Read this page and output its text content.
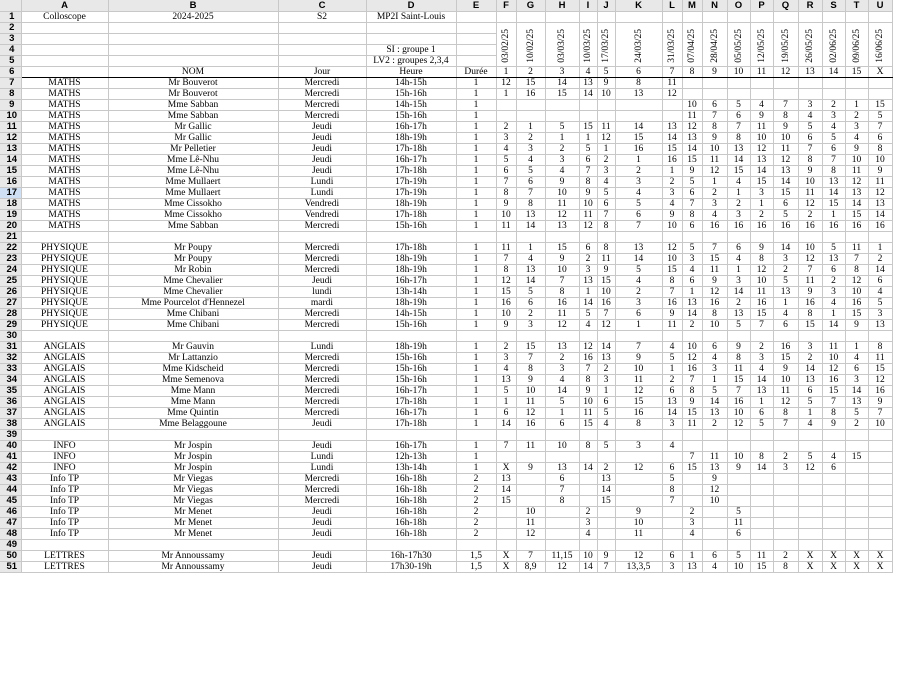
	A	B	C	D	E	F	G	H	I	J	K	L	M	N	O	P	Q	R	S	T	U
1	Colloscope	2024-2025	S2	MP2I Saint-Louis																	
2						03/02/25	10/02/25	03/03/25	10/03/25	17/03/25	24/03/25	31/03/25	07/04/25	28/04/25	05/05/25	12/05/25	19/05/25	26/05/25	02/06/25	09/06/25	16/06/25
3																					
4				SI : groupe 1																	
5				LV2 : groupes 2,3,4																	
6		NOM	Jour	Heure	Durée	1	2	3	4	5	6	7	8	9	10	11	12	13	14	15	X
7	MATHS	Mr Bouverot	Mercredi	14h-15h	1	12	15	14	13	9	8	11									
8	MATHS	Mr Bouverot	Mercredi	15h-16h	1	1	16	15	14	10	13	12									
9	MATHS	Mme Sabban	Mercredi	14h-15h	1								10	6	5	4	7	3	2	1	15
10	MATHS	Mme Sabban	Mercredi	15h-16h	1								11	7	6	9	8	4	3	2	5
11	MATHS	Mr Gallic	Jeudi	16h-17h	1	2	1	5	15	11	14	13	12	8	7	11	9	5	4	3	7
12	MATHS	Mr Gallic	Jeudi	18h-19h	1	3	2	1	1	12	15	14	13	9	8	10	10	6	5	4	6
13	MATHS	Mr Pelletier	Jeudi	17h-18h	1	4	3	2	5	1	16	15	14	10	13	12	11	7	6	9	8
14	MATHS	Mme Lê-Nhu	Jeudi	16h-17h	1	5	4	3	6	2	1	16	15	11	14	13	12	8	7	10	10
15	MATHS	Mme Lê-Nhu	Jeudi	17h-18h	1	6	5	4	7	3	2	1	9	12	15	14	13	9	8	11	9
16	MATHS	Mme Mullaert	Lundi	17h-19h	1	7	6	9	8	4	3	2	5	1	4	15	14	10	13	12	11
17	MATHS	Mme Mullaert	Lundi	17h-19h	1	8	7	10	9	5	4	3	6	2	1	3	15	11	14	13	12
18	MATHS	Mme Cissokho	Vendredi	18h-19h	1	9	8	11	10	6	5	4	7	3	2	1	6	12	15	14	13
19	MATHS	Mme Cissokho	Vendredi	17h-18h	1	10	13	12	11	7	6	9	8	4	3	2	5	2	1	15	14
20	MATHS	Mme Sabban	Mercredi	15h-16h	1	11	14	13	12	8	7	10	6	16	16	16	16	16	16	16	16
21																					
22	PHYSIQUE	Mr Poupy	Mercredi	17h-18h	1	11	1	15	6	8	13	12	5	7	6	9	14	10	5	11	1
23	PHYSIQUE	Mr Poupy	Mercredi	18h-19h	1	7	4	9	2	11	14	10	3	15	4	8	3	12	13	7	2
24	PHYSIQUE	Mr Robin	Mercredi	18h-19h	1	8	13	10	3	9	5	15	4	11	1	12	2	7	6	8	14
25	PHYSIQUE	Mme Chevalier	Jeudi	16h-17h	1	12	14	7	13	15	4	8	6	9	3	10	5	11	2	12	6
26	PHYSIQUE	Mme Chevalier	lundi	13h-14h	1	15	5	8	1	10	2	7	1	12	14	11	13	9	3	10	4
27	PHYSIQUE	Mme Pourcelot d'Hennezel	mardi	18h-19h	1	16	6	16	14	16	3	16	13	16	2	16	1	16	4	16	5
28	PHYSIQUE	Mme Chibani	Mercredi	14h-15h	1	10	2	11	5	7	6	9	14	8	13	15	4	8	1	15	3
29	PHYSIQUE	Mme Chibani	Mercredi	15h-16h	1	9	3	12	4	12	1	11	2	10	5	7	6	15	14	9	13
30																					
31	ANGLAIS	Mr Gauvin	Lundi	18h-19h	1	2	15	13	12	14	7	4	10	6	9	2	16	3	11	1	8
32	ANGLAIS	Mr Lattanzio	Mercredi	15h-16h	1	3	7	2	16	13	9	5	12	4	8	3	15	2	10	4	11
33	ANGLAIS	Mme Kidscheid	Mercredi	15h-16h	1	4	8	3	7	2	10	1	16	3	11	4	9	14	12	6	15
34	ANGLAIS	Mme Semenova	Mercredi	15h-16h	1	13	9	4	8	3	11	2	7	1	15	14	10	13	16	3	12
35	ANGLAIS	Mme Mann	Mercredi	16h-17h	1	5	10	14	9	1	12	6	8	5	7	13	11	6	15	14	16
36	ANGLAIS	Mme Mann	Mercredi	17h-18h	1	1	11	5	10	6	15	13	9	14	16	1	12	5	7	13	9
37	ANGLAIS	Mme Quintin	Mercredi	16h-17h	1	6	12	1	11	5	16	14	15	13	10	6	8	1	8	5	7
38	ANGLAIS	Mme Belaggoune	Jeudi	17h-18h	1	14	16	6	15	4	8	3	11	2	12	5	7	4	9	2	10
39																					
40	INFO	Mr Jospin	Jeudi	16h-17h	1	7	11	10	8	5	3	4									
41	INFO	Mr Jospin	Lundi	12h-13h	1								7	11	10	8	2	5	4	15	
42	INFO	Mr Jospin	Lundi	13h-14h	1	X	9	13	14	2	12	6	15	13	9	14	3	12	6		
43	Info TP	Mr Viegas	Mercredi	16h-18h	2	13		6		13		5		9							
44	Info TP	Mr Viegas	Mercredi	16h-18h	2	14		7		14		8		12							
45	Info TP	Mr Viegas	Mercredi	16h-18h	2	15		8		15		7		10							
46	Info TP	Mr Menet	Jeudi	16h-18h	2		10		2		9		2		5						
47	Info TP	Mr Menet	Jeudi	16h-18h	2		11		3		10		3		11						
48	Info TP	Mr Menet	Jeudi	16h-18h	2		12		4		11		4		6						
49																					
50	LETTRES	Mr Annoussamy	Jeudi	16h-17h30	1,5	X	7	11,15	10	9	12	6	1	6	5	11	2	X	X	X	X
51	LETTRES	Mr Annoussamy	Jeudi	17h30-19h	1,5	X	8,9	12	14	7	13,3,5	3	13	4	10	15	8	X	X	X	X
